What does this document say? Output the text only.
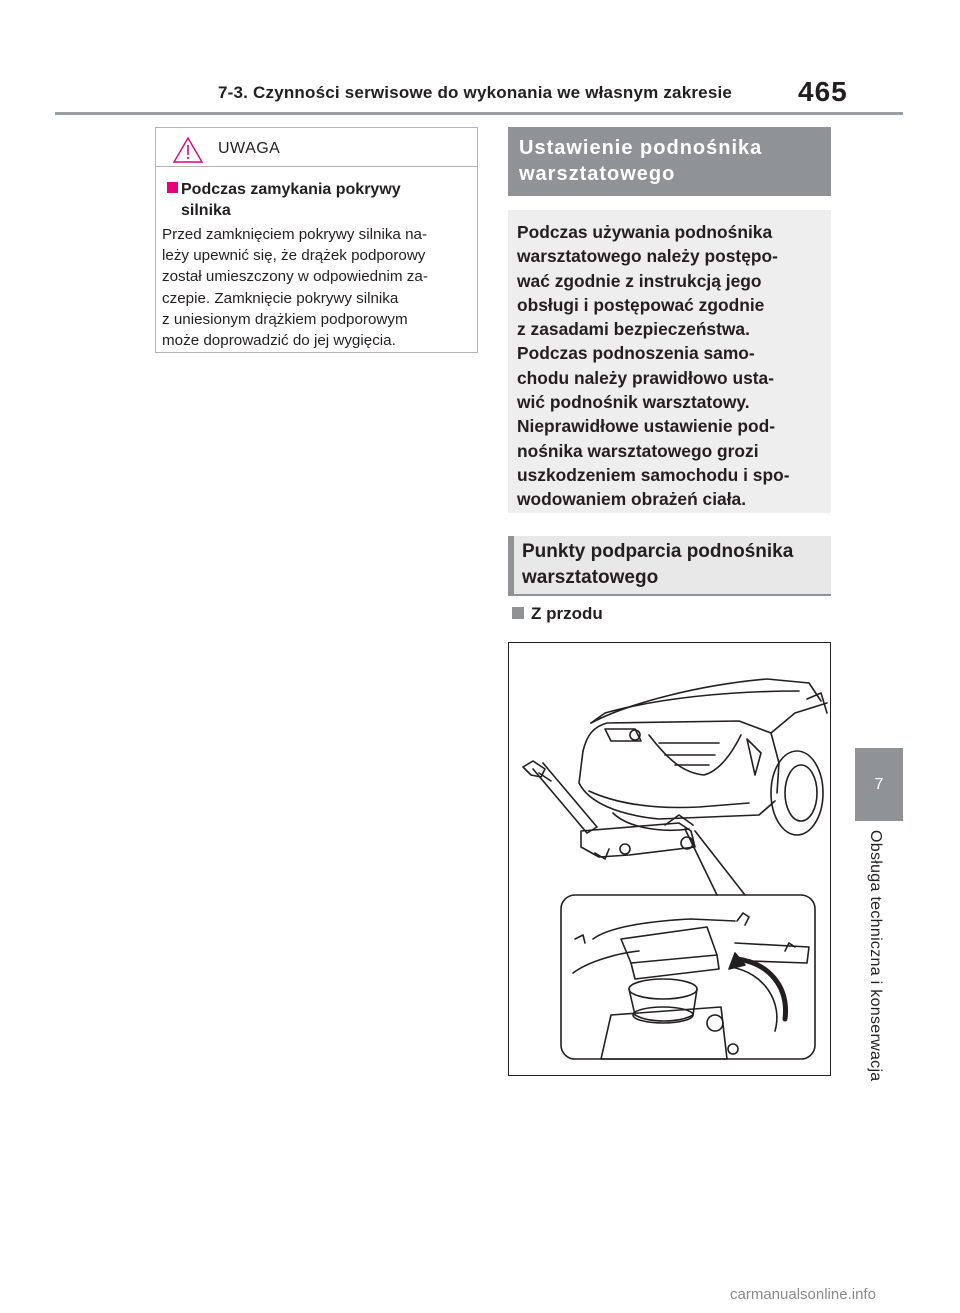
7-3. Czynności serwisowe do wykonania we własnym zakresie	465
UWAGA
Podczas zamykania pokrywy
silnika
Przed zamknięciem pokrywy silnika na-
leży upewnić się, że drążek podporowy
został umieszczony w odpowiednim za-
czepie. Zamknięcie pokrywy silnika
z uniesionym drążkiem podporowym
może doprowadzić do jej wygięcia.
Ustawienie podnośnika
warsztatowego
Podczas używania podnośnika
warsztatowego należy postępo-
wać zgodnie z instrukcją jego
obsługi i postępować zgodnie
z zasadami bezpieczeństwa.
Podczas podnoszenia samo-
chodu należy prawidłowo usta-
wić podnośnik warsztatowy.
Nieprawidłowe ustawienie pod-
nośnika warsztatowego grozi
uszkodzeniem samochodu i spo-
wodowaniem obrażeń ciała.
Punkty podparcia podnośnika
warsztatowego
Z przodu
7
Obsługa techniczna i konserwacja
carmanualsonline.info
